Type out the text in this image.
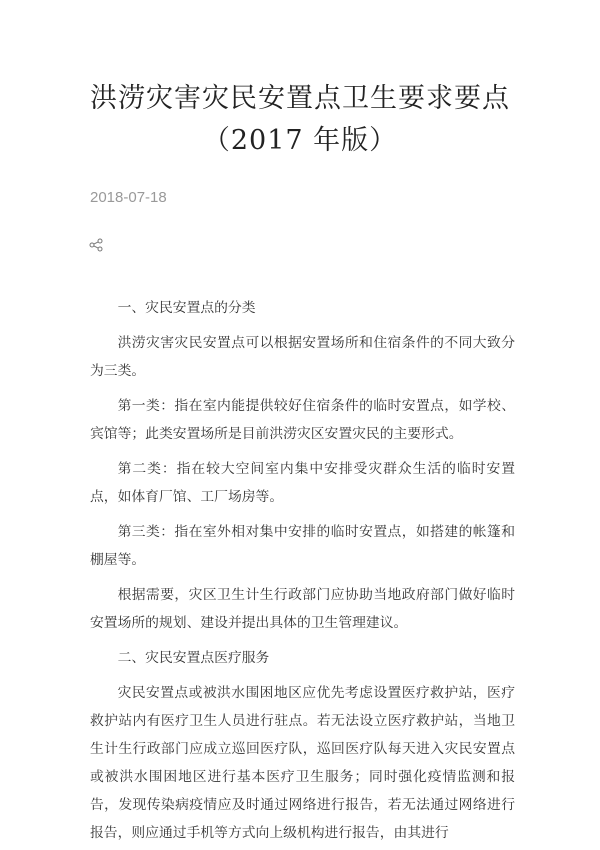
洪涝灾害灾民安置点卫生要求要点
（2017 年版）
2018-07-18

一、灾民安置点的分类

洪涝灾害灾民安置点可以根据安置场所和住宿条件的不同大致分为三类。

第一类：指在室内能提供较好住宿条件的临时安置点，如学校、宾馆等；此类安置场所是目前洪涝灾区安置灾民的主要形式。

第二类：指在较大空间室内集中安排受灾群众生活的临时安置点，如体育厂馆、工厂场房等。

第三类：指在室外相对集中安排的临时安置点，如搭建的帐篷和棚屋等。

根据需要，灾区卫生计生行政部门应协助当地政府部门做好临时安置场所的规划、建设并提出具体的卫生管理建议。

二、灾民安置点医疗服务

灾民安置点或被洪水围困地区应优先考虑设置医疗救护站，医疗救护站内有医疗卫生人员进行驻点。若无法设立医疗救护站，当地卫生计生行政部门应成立巡回医疗队，巡回医疗队每天进入灾民安置点或被洪水围困地区进行基本医疗卫生服务；同时强化疫情监测和报告，发现传染病疫情应及时通过网络进行报告，若无法通过网络进行报告，则应通过手机等方式向上级机构进行报告，由其进行
